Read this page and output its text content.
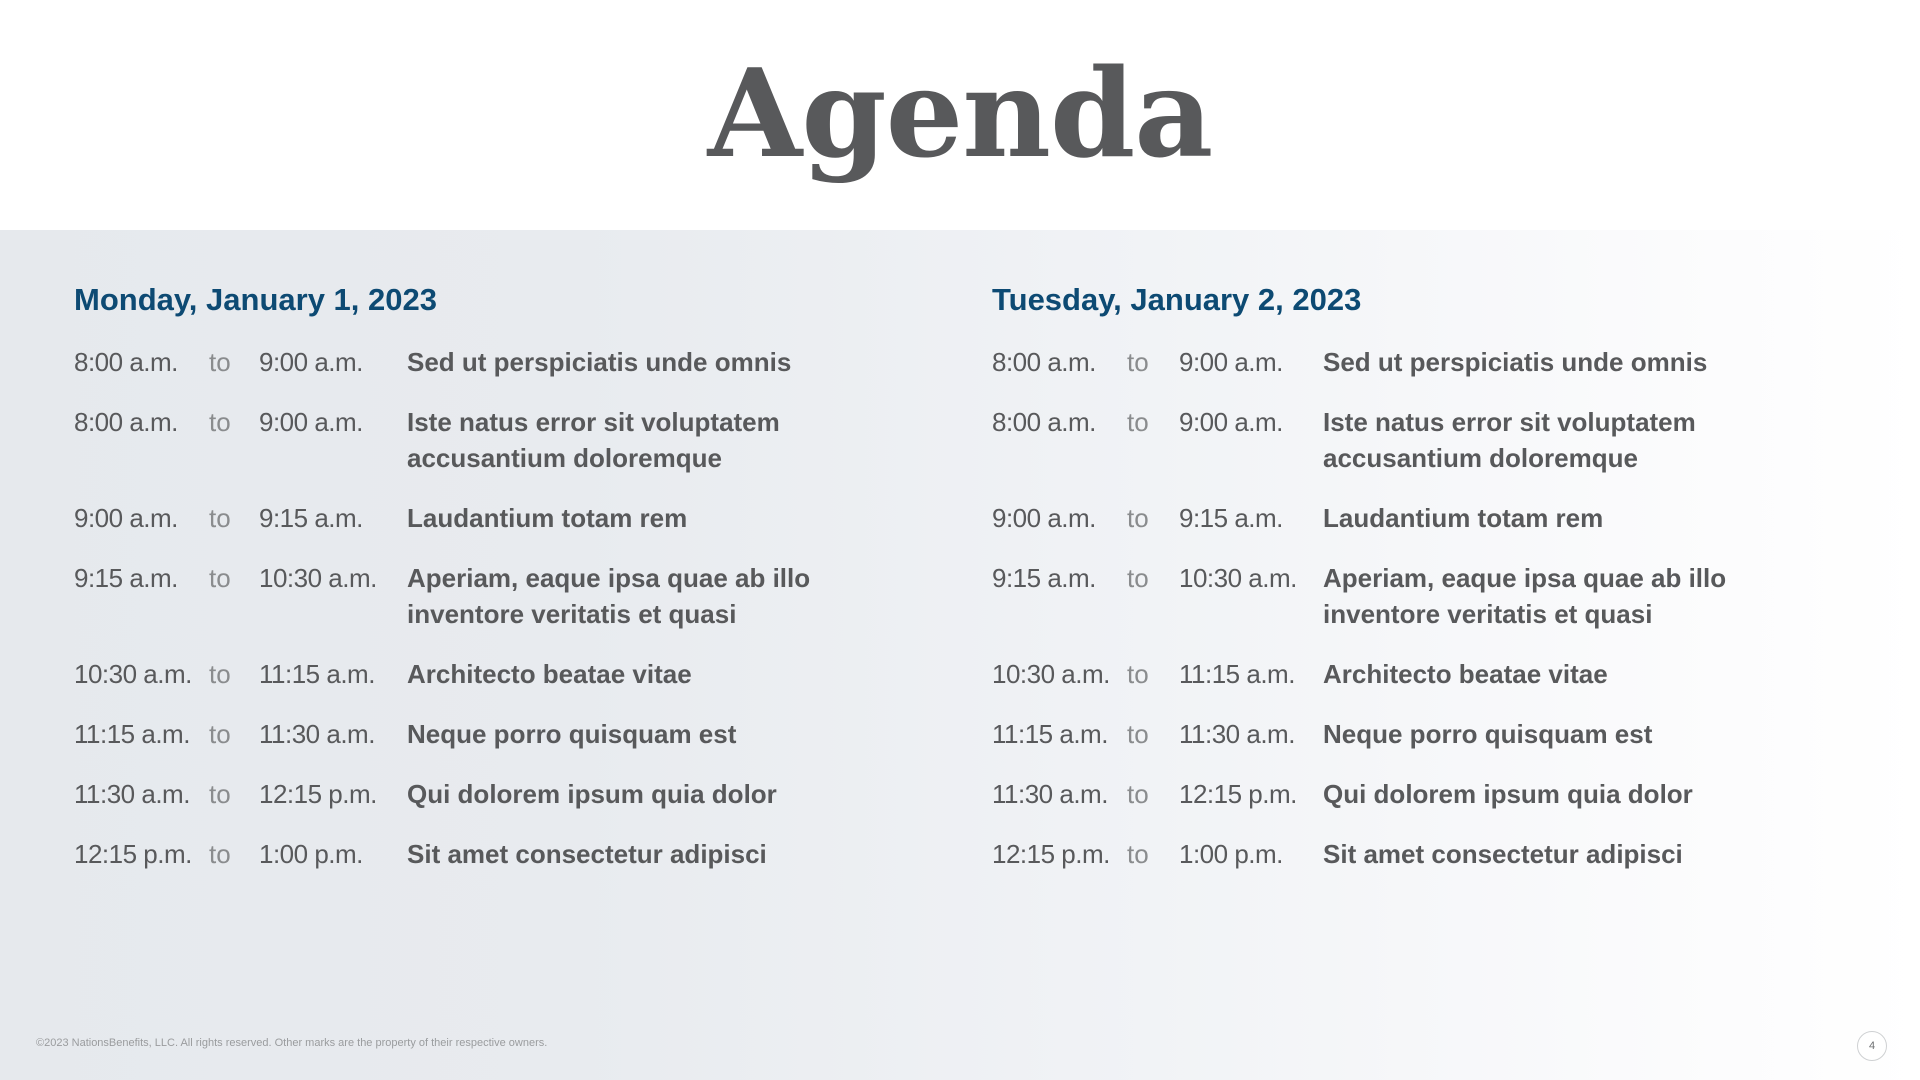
Agenda
Monday, January 1, 2023
8:00 a.m.	to	9:00 a.m.	Sed ut perspiciatis unde omnis
8:00 a.m.	to	9:00 a.m.	Iste natus error sit voluptatem accusantium doloremque
9:00 a.m.	to	9:15 a.m.	Laudantium totam rem
9:15 a.m.	to	10:30 a.m.	Aperiam, eaque ipsa quae ab illo inventore veritatis et quasi
10:30 a.m. to	11:15 a.m.	Architecto beatae vitae
11:15 a.m. to	11:30 a.m.	Neque porro quisquam est
11:30 a.m. to	12:15 p.m.	Qui dolorem ipsum quia dolor
12:15 p.m. to	1:00 p.m.	Sit amet consectetur adipisci
Tuesday, January 2, 2023
8:00 a.m.	to	9:00 a.m.	Sed ut perspiciatis unde omnis
8:00 a.m.	to	9:00 a.m.	Iste natus error sit voluptatem accusantium doloremque
9:00 a.m.	to	9:15 a.m.	Laudantium totam rem
9:15 a.m.	to	10:30 a.m.	Aperiam, eaque ipsa quae ab illo inventore veritatis et quasi
10:30 a.m. to	11:15 a.m.	Architecto beatae vitae
11:15 a.m. to	11:30 a.m.	Neque porro quisquam est
11:30 a.m. to	12:15 p.m.	Qui dolorem ipsum quia dolor
12:15 p.m. to	1:00 p.m.	Sit amet consectetur adipisci
©2023 NationsBenefits, LLC. All rights reserved. Other marks are the property of their respective owners.	4
